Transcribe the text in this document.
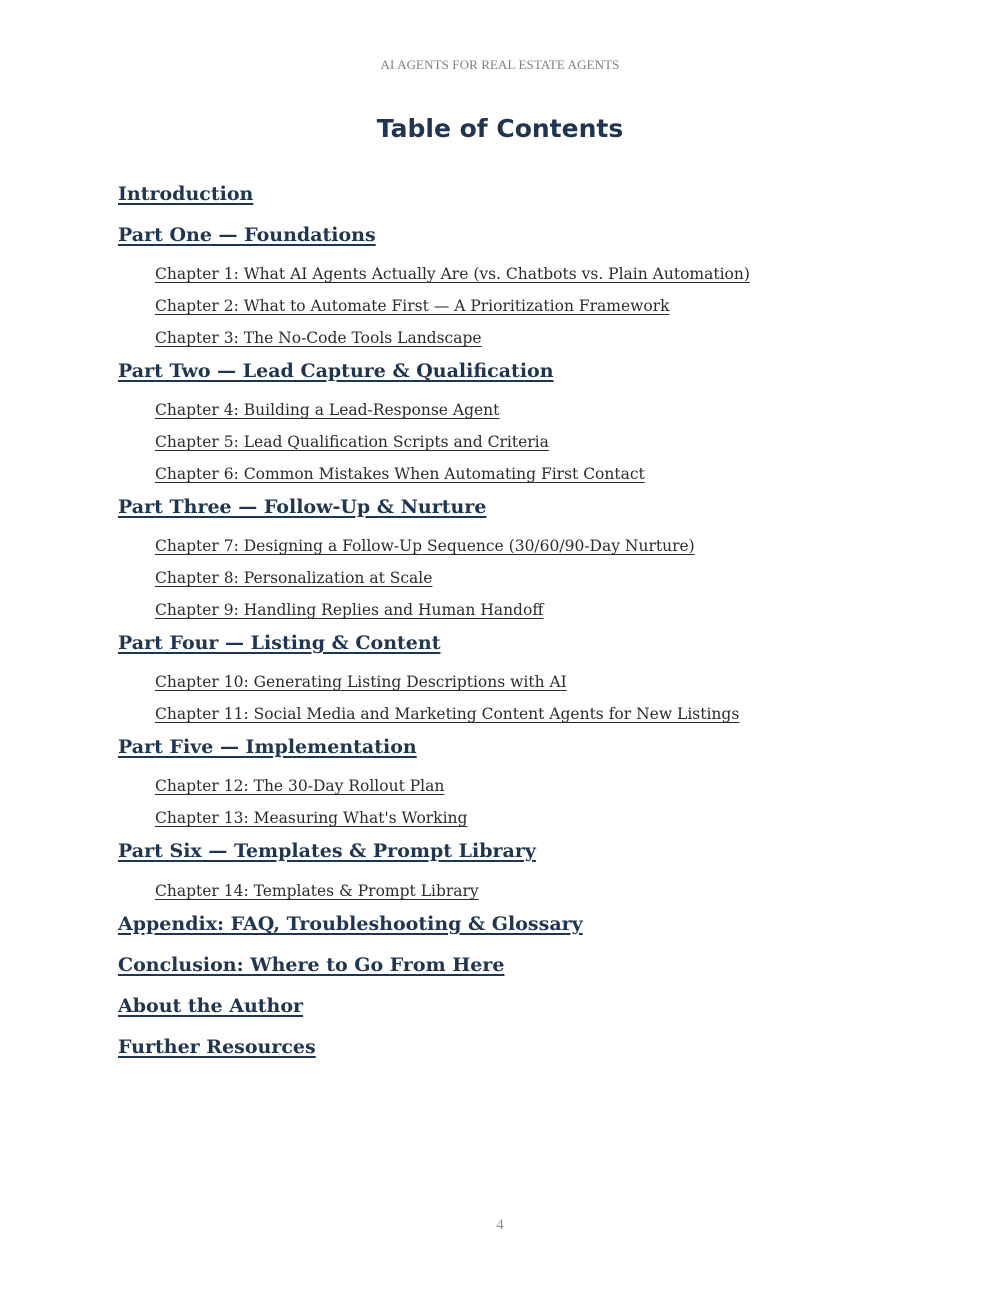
AI AGENTS FOR REAL ESTATE AGENTS
Table of Contents
Introduction
Part One — Foundations
Chapter 1: What AI Agents Actually Are (vs. Chatbots vs. Plain Automation)
Chapter 2: What to Automate First — A Prioritization Framework
Chapter 3: The No-Code Tools Landscape
Part Two — Lead Capture & Qualification
Chapter 4: Building a Lead-Response Agent
Chapter 5: Lead Qualification Scripts and Criteria
Chapter 6: Common Mistakes When Automating First Contact
Part Three — Follow-Up & Nurture
Chapter 7: Designing a Follow-Up Sequence (30/60/90-Day Nurture)
Chapter 8: Personalization at Scale
Chapter 9: Handling Replies and Human Handoff
Part Four — Listing & Content
Chapter 10: Generating Listing Descriptions with AI
Chapter 11: Social Media and Marketing Content Agents for New Listings
Part Five — Implementation
Chapter 12: The 30-Day Rollout Plan
Chapter 13: Measuring What's Working
Part Six — Templates & Prompt Library
Chapter 14: Templates & Prompt Library
Appendix: FAQ, Troubleshooting & Glossary
Conclusion: Where to Go From Here
About the Author
Further Resources
4
